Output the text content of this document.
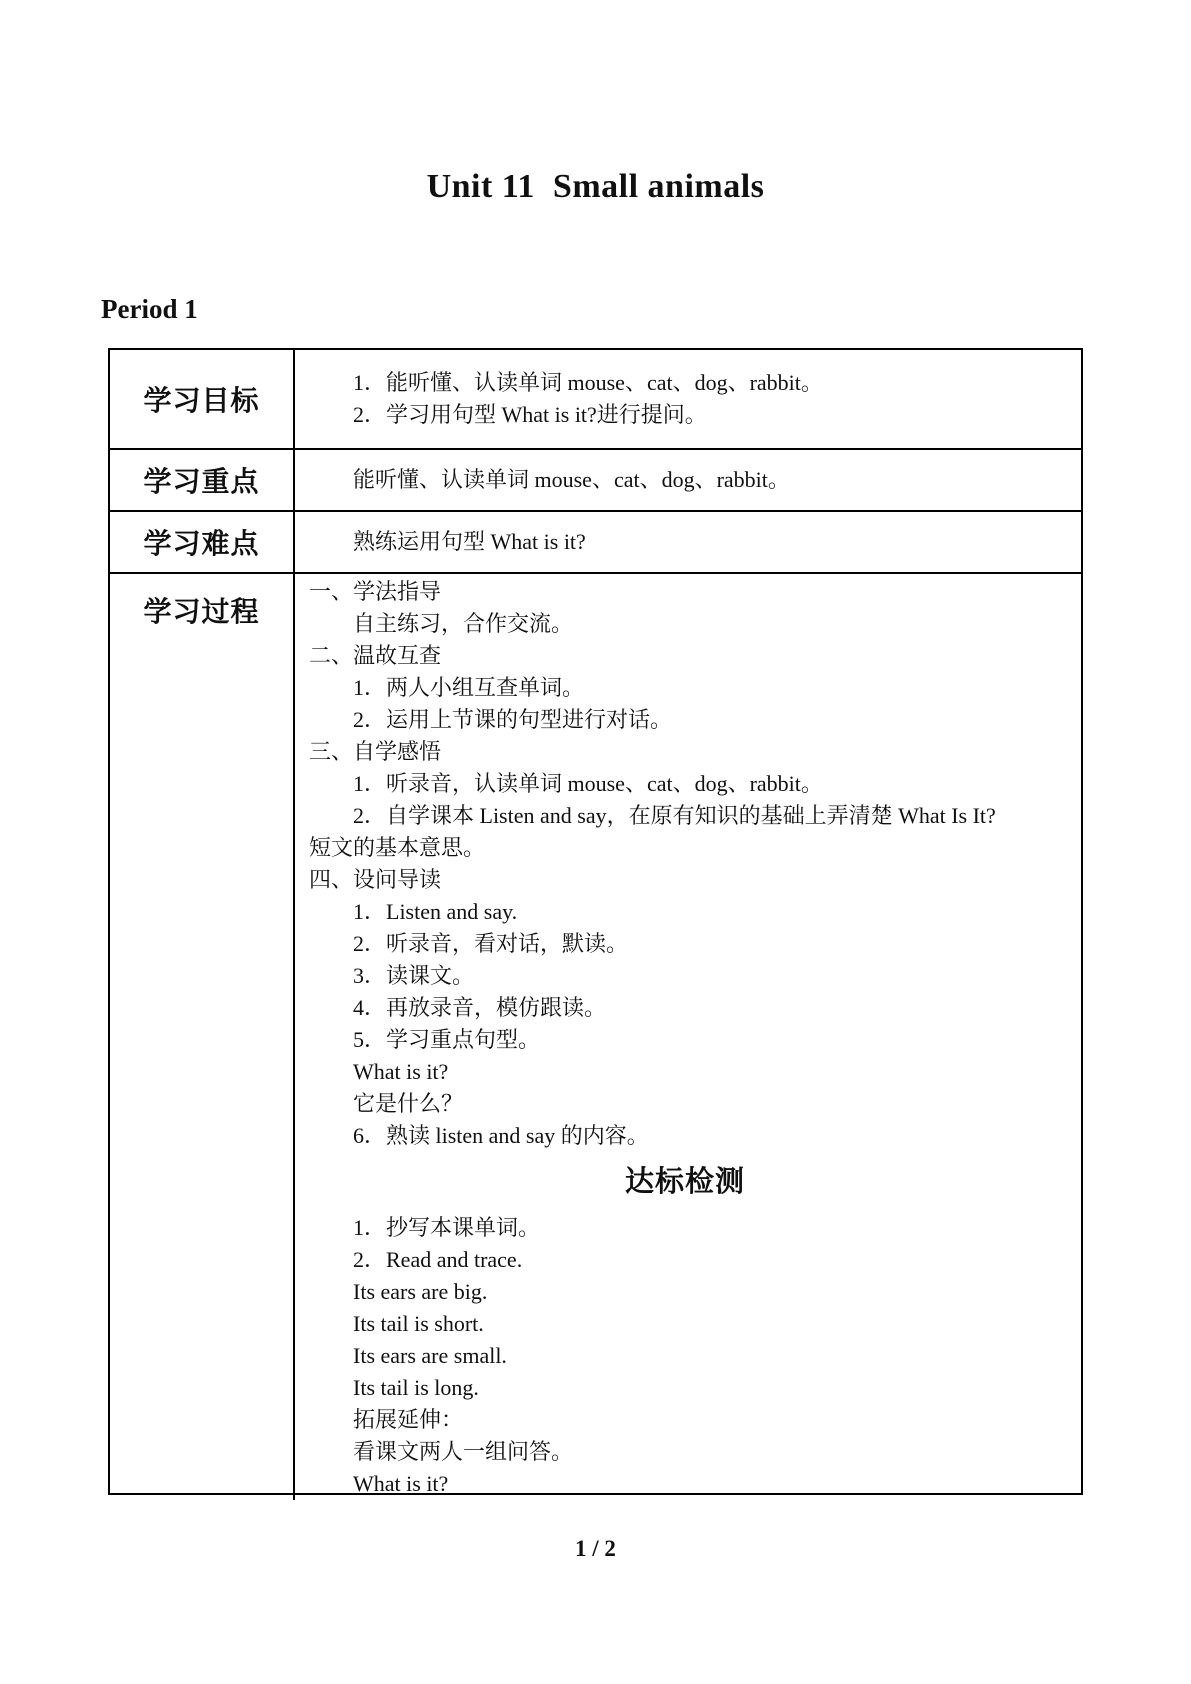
Unit 11  Small animals
Period 1
学习目标
1．能听懂、认读单词 mouse、cat、dog、rabbit。
2．学习用句型 What is it?进行提问。
学习重点	能听懂、认读单词 mouse、cat、dog、rabbit。
学习难点	熟练运用句型 What is it?
学习过程
一、学法指导
自主练习，合作交流。
二、温故互查
1．两人小组互查单词。
2．运用上节课的句型进行对话。
三、自学感悟
1．听录音，认读单词 mouse、cat、dog、rabbit。
2．自学课本 Listen and say，在原有知识的基础上弄清楚 What Is It?
短文的基本意思。
四、设问导读
1．Listen and say.
2．听录音，看对话，默读。
3．读课文。
4．再放录音，模仿跟读。
5．学习重点句型。
What is it?
它是什么？
6．熟读 listen and say 的内容。
达标检测
1．抄写本课单词。
2．Read and trace.
Its ears are big.
Its tail is short.
Its ears are small.
Its tail is long.
拓展延伸：
看课文两人一组问答。
What is it?
1 / 2
